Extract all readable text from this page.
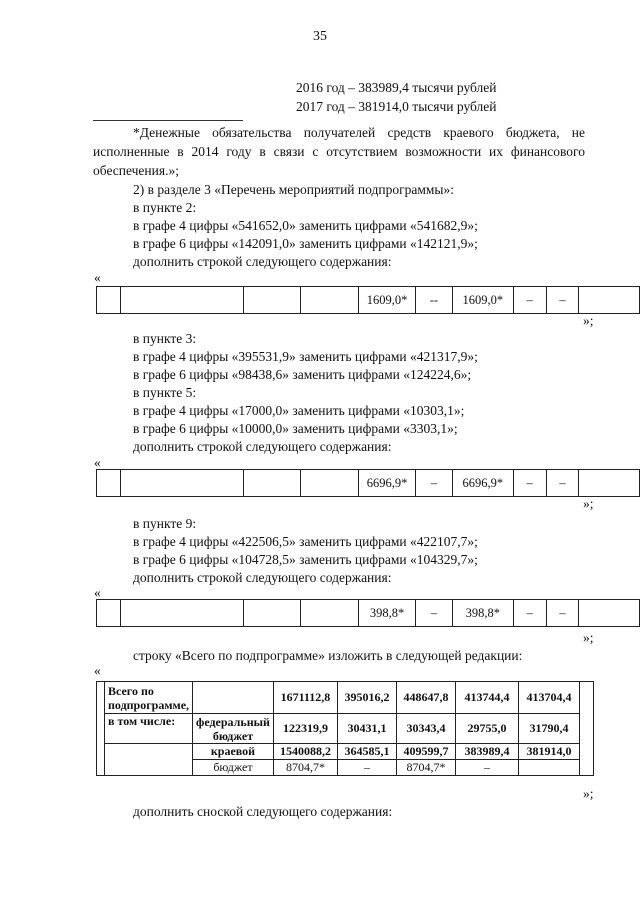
35
2016 год – 383989,4 тысячи рублей
2017 год – 381914,0 тысячи рублей
*Денежные обязательства получателей средств краевого бюджета, не исполненные в 2014 году в связи с отсутствием возможности их финансового обеспечения.»;
2) в разделе 3 «Перечень мероприятий подпрограммы»:
в пункте 2:
в графе 4 цифры «541652,0» заменить цифрами «541682,9»;
в графе 6 цифры «142091,0» заменить цифрами «142121,9»;
дополнить строкой следующего содержания:
«
				1609,0*	--	1609,0*	–	–	
»;
в пункте 3:
в графе 4 цифры «395531,9» заменить цифрами «421317,9»;
в графе 6 цифры «98438,6» заменить цифрами «124224,6»;
в пункте 5:
в графе 4 цифры «17000,0» заменить цифрами «10303,1»;
в графе 6 цифры «10000,0» заменить цифрами «3303,1»;
дополнить строкой следующего содержания:
«
				6696,9*	–	6696,9*	–	–	
»;
в пункте 9:
в графе 4 цифры «422506,5» заменить цифрами «422107,7»;
в графе 6 цифры «104728,5» заменить цифрами «104329,7»;
дополнить строкой следующего содержания:
«
				398,8*	–	398,8*	–	–	
»;
строку «Всего по подпрограмме» изложить в следующей редакции:
«
	Всего по подпрограмме,		1671112,8	395016,2	448647,8	413744,4	413704,4	
	в том числе:	федеральный бюджет	122319,9	30431,1	30343,4	29755,0	31790,4	
		краевой	1540088,2	364585,1	409599,7	383989,4	381914,0	
		бюджет	8704,7*	–	8704,7*	–		
»;
дополнить сноской следующего содержания:
